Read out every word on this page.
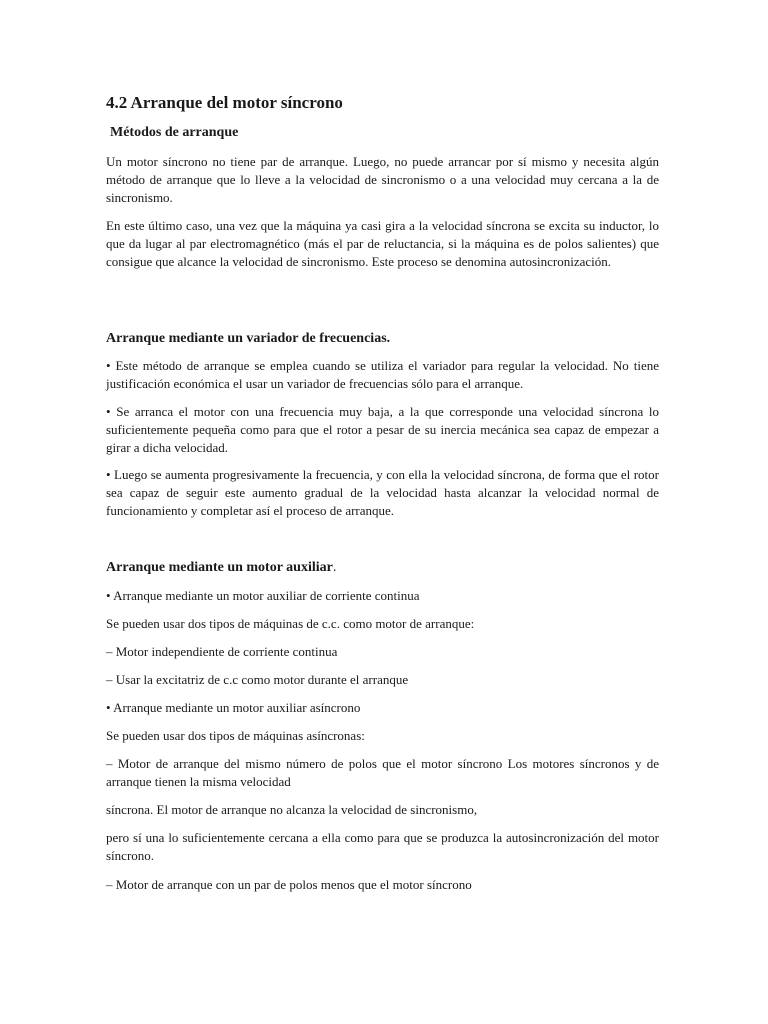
4.2 Arranque del motor síncrono

Métodos de arranque

Un motor síncrono no tiene par de arranque. Luego, no puede arrancar por sí mismo y necesita algún método de arranque que lo lleve a la velocidad de sincronismo o a una velocidad muy cercana a la de sincronismo.

En este último caso, una vez que la máquina ya casi gira a la velocidad síncrona se excita su inductor, lo que da lugar al par electromagnético (más el par de reluctancia, si la máquina es de polos salientes) que consigue que alcance la velocidad de sincronismo. Este proceso se denomina autosincronización.

Arranque mediante un variador de frecuencias.

• Este método de arranque se emplea cuando se utiliza el variador para regular la velocidad. No tiene justificación económica el usar un variador de frecuencias sólo para el arranque.

• Se arranca el motor con una frecuencia muy baja, a la que corresponde una velocidad síncrona lo suficientemente pequeña como para que el rotor a pesar de su inercia mecánica sea capaz de empezar a girar a dicha velocidad.

• Luego se aumenta progresivamente la frecuencia, y con ella la velocidad síncrona, de forma que el rotor sea capaz de seguir este aumento gradual de la velocidad hasta alcanzar la velocidad normal de funcionamiento y completar así el proceso de arranque.

Arranque mediante un motor auxiliar.

• Arranque mediante un motor auxiliar de corriente continua

Se pueden usar dos tipos de máquinas de c.c. como motor de arranque:

– Motor independiente de corriente continua

– Usar la excitatriz de c.c como motor durante el arranque

• Arranque mediante un motor auxiliar asíncrono

Se pueden usar dos tipos de máquinas asíncronas:

– Motor de arranque del mismo número de polos que el motor síncrono Los motores síncronos y de arranque tienen la misma velocidad

síncrona. El motor de arranque no alcanza la velocidad de sincronismo,

pero sí una lo suficientemente cercana a ella como para que se produzca la autosincronización del motor síncrono.

– Motor de arranque con un par de polos menos que el motor síncrono
